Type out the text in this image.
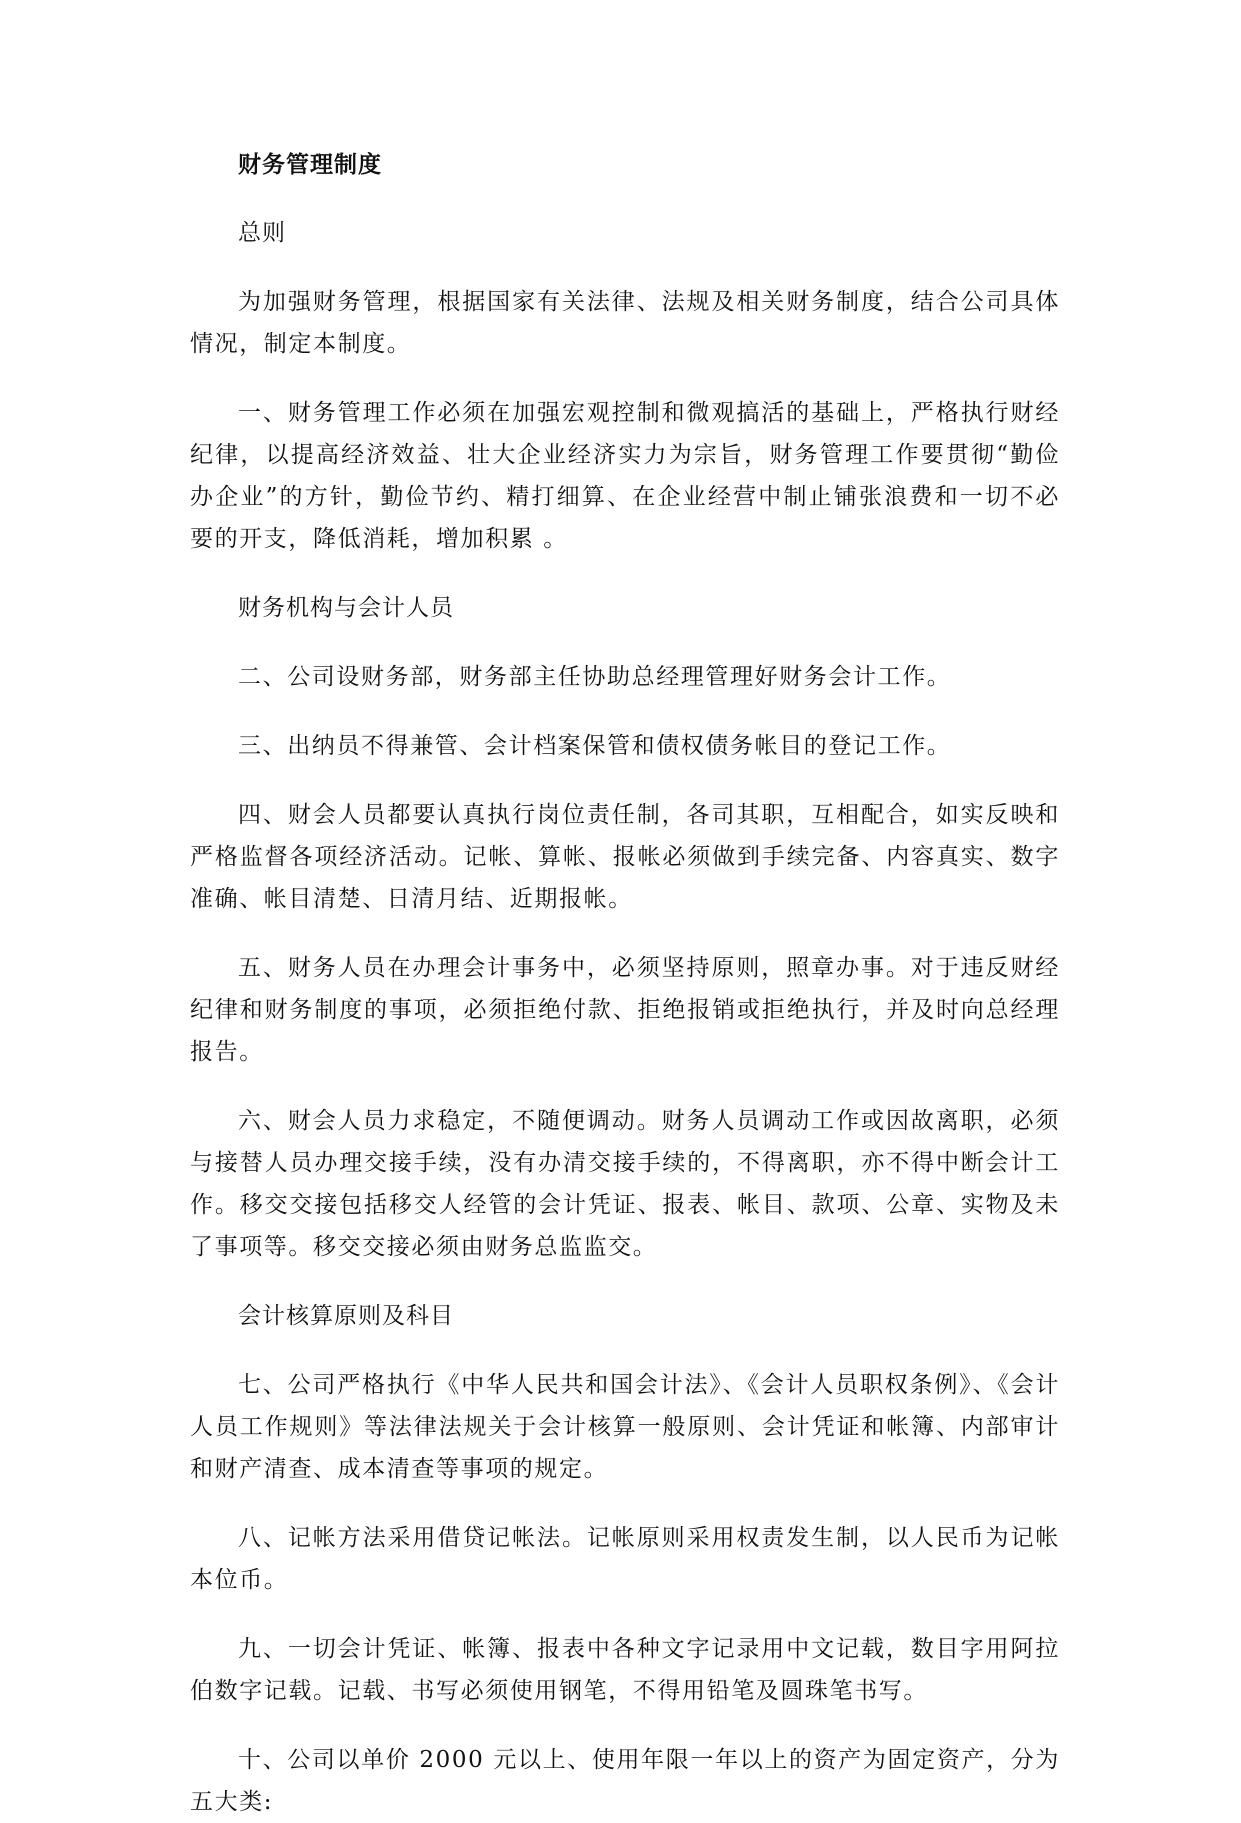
财务管理制度

总则

为加强财务管理，根据国家有关法律、法规及相关财务制度，结合公司具体情况，制定本制度。

一、财务管理工作必须在加强宏观控制和微观搞活的基础上，严格执行财经纪律，以提高经济效益、壮大企业经济实力为宗旨，财务管理工作要贯彻“勤俭办企业”的方针，勤俭节约、精打细算、在企业经营中制止铺张浪费和一切不必要的开支，降低消耗，增加积累 。

财务机构与会计人员

二、公司设财务部，财务部主任协助总经理管理好财务会计工作。

三、出纳员不得兼管、会计档案保管和债权债务帐目的登记工作。

四、财会人员都要认真执行岗位责任制，各司其职，互相配合，如实反映和严格监督各项经济活动。记帐、算帐、报帐必须做到手续完备、内容真实、数字准确、帐目清楚、日清月结、近期报帐。

五、财务人员在办理会计事务中，必须坚持原则，照章办事。对于违反财经纪律和财务制度的事项，必须拒绝付款、拒绝报销或拒绝执行，并及时向总经理报告。

六、财会人员力求稳定，不随便调动。财务人员调动工作或因故离职，必须与接替人员办理交接手续，没有办清交接手续的，不得离职，亦不得中断会计工作。移交交接包括移交人经管的会计凭证、报表、帐目、款项、公章、实物及未了事项等。移交交接必须由财务总监监交。

会计核算原则及科目

七、公司严格执行《中华人民共和国会计法》、《会计人员职权条例》、《会计人员工作规则》等法律法规关于会计核算一般原则、会计凭证和帐簿、内部审计和财产清查、成本清查等事项的规定。

八、记帐方法采用借贷记帐法。记帐原则采用权责发生制，以人民币为记帐本位币。

九、一切会计凭证、帐簿、报表中各种文字记录用中文记载，数目字用阿拉伯数字记载。记载、书写必须使用钢笔，不得用铅笔及圆珠笔书写。

十、公司以单价 2000 元以上、使用年限一年以上的资产为固定资产，分为五大类:
